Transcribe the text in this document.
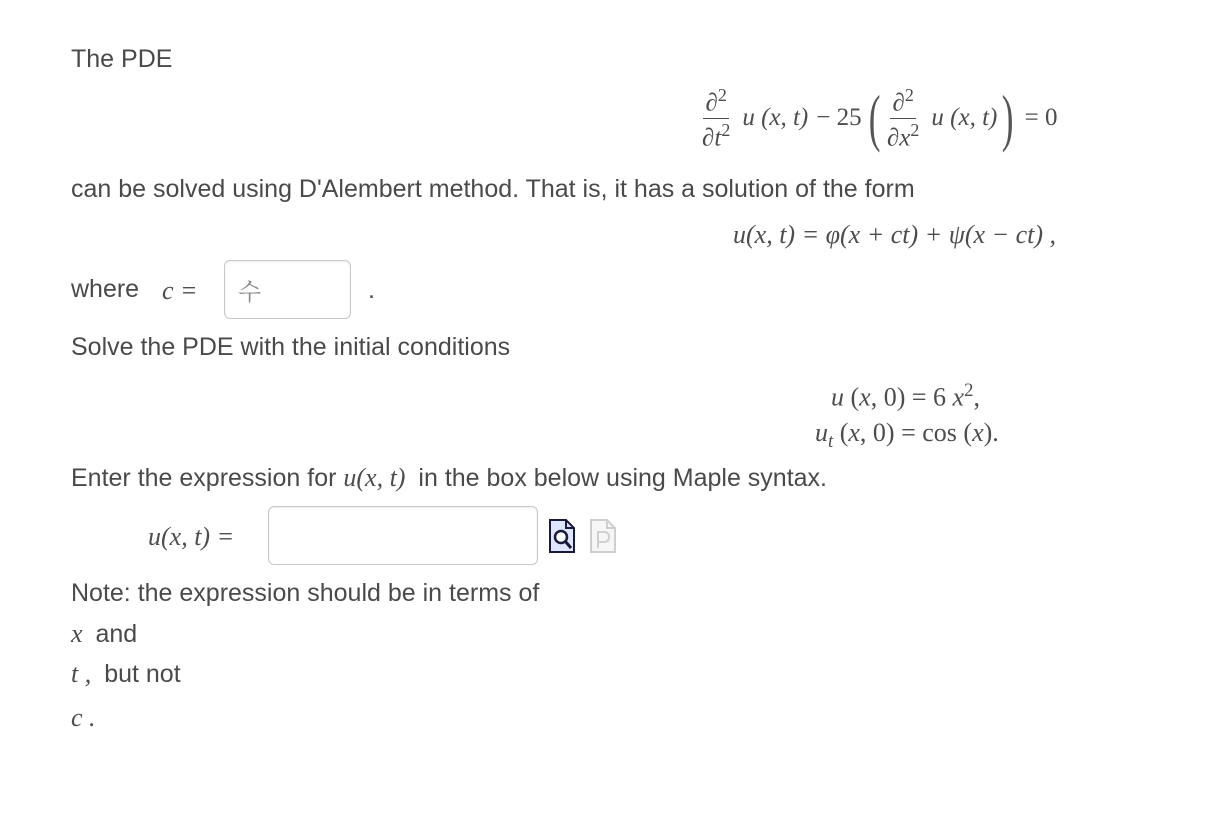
The PDE
$\frac{\partial^2}{\partial t^2}$ u (x, t) − 25 ( $\frac{\partial^2}{\partial x^2}$ u (x, t) ) = 0
can be solved using D'Alembert method. That is, it has a solution of the form
u(x, t) = φ(x + ct) + ψ(x − ct) ,
where c = 수	.
Solve the PDE with the initial conditions
u (x, 0) = 6 $x^2$,
$u_t$ (x, 0) = cos (x).
Enter the expression for u(x, t) in the box below using Maple syntax.
u(x, t) =
Note: the expression should be in terms of
x and
t , but not
c .
